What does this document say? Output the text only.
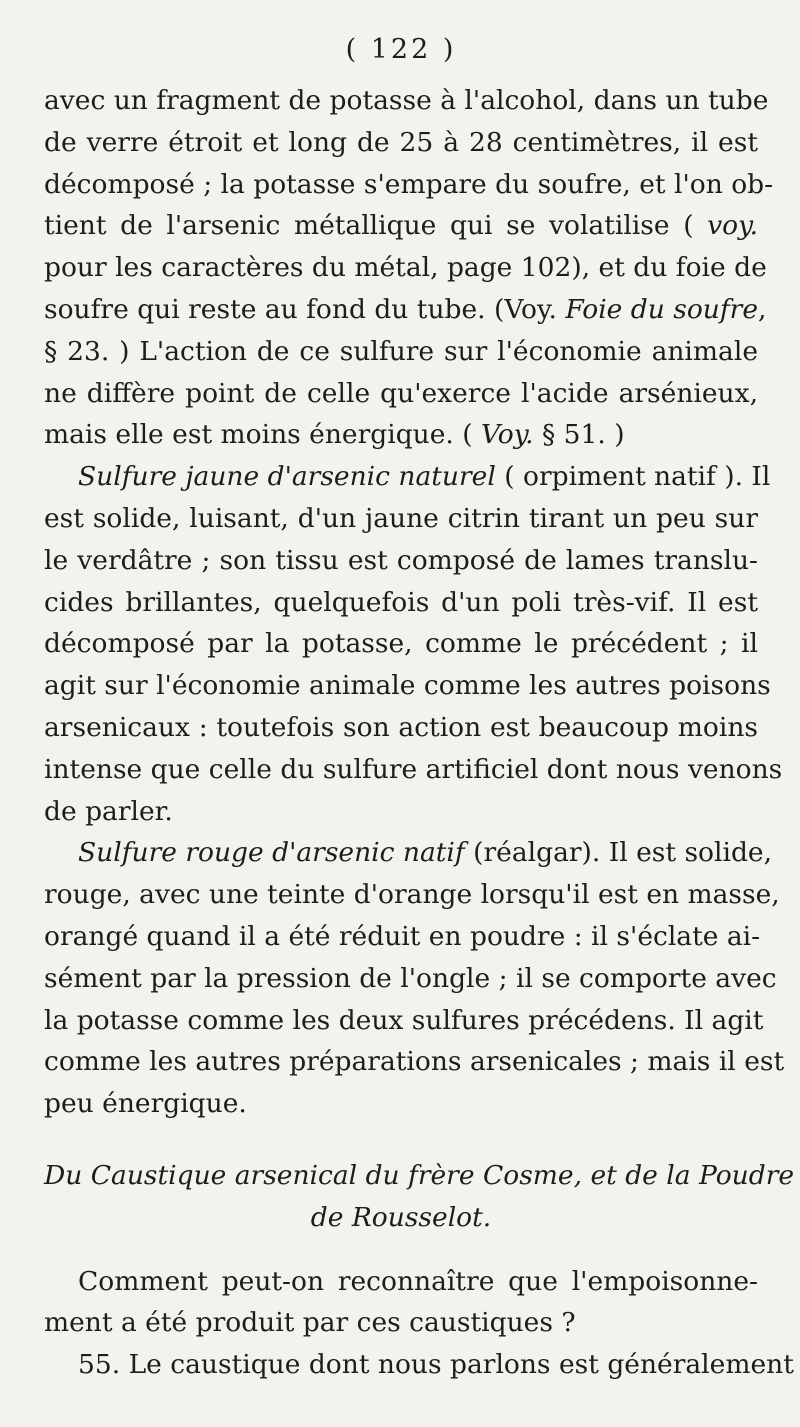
( 122 )
avec un fragment de potasse à l'alcohol, dans un tube
de verre étroit et long de 25 à 28 centimètres, il est
décomposé ; la potasse s'empare du soufre, et l'on ob-
tient de l'arsenic métallique qui se volatilise ( voy.
pour les caractères du métal, page 102), et du foie de
soufre qui reste au fond du tube. (Voy. Foie du soufre,
§ 23. ) L'action de ce sulfure sur l'économie animale
ne diffère point de celle qu'exerce l'acide arsénieux,
mais elle est moins énergique. ( Voy. § 51. )
Sulfure jaune d'arsenic naturel ( orpiment natif ). Il
est solide, luisant, d'un jaune citrin tirant un peu sur
le verdâtre ; son tissu est composé de lames translu-
cides brillantes, quelquefois d'un poli très-vif. Il est
décomposé par la potasse, comme le précédent ; il
agit sur l'économie animale comme les autres poisons
arsenicaux : toutefois son action est beaucoup moins
intense que celle du sulfure artificiel dont nous venons
de parler.
Sulfure rouge d'arsenic natif (réalgar). Il est solide,
rouge, avec une teinte d'orange lorsqu'il est en masse,
orangé quand il a été réduit en poudre : il s'éclate ai-
sément par la pression de l'ongle ; il se comporte avec
la potasse comme les deux sulfures précédens. Il agit
comme les autres préparations arsenicales ; mais il est
peu énergique.
Du Caustique arsenical du frère Cosme, et de la Poudre
de Rousselot.
Comment peut-on reconnaître que l'empoisonne-
ment a été produit par ces caustiques ?
55. Le caustique dont nous parlons est généralement
